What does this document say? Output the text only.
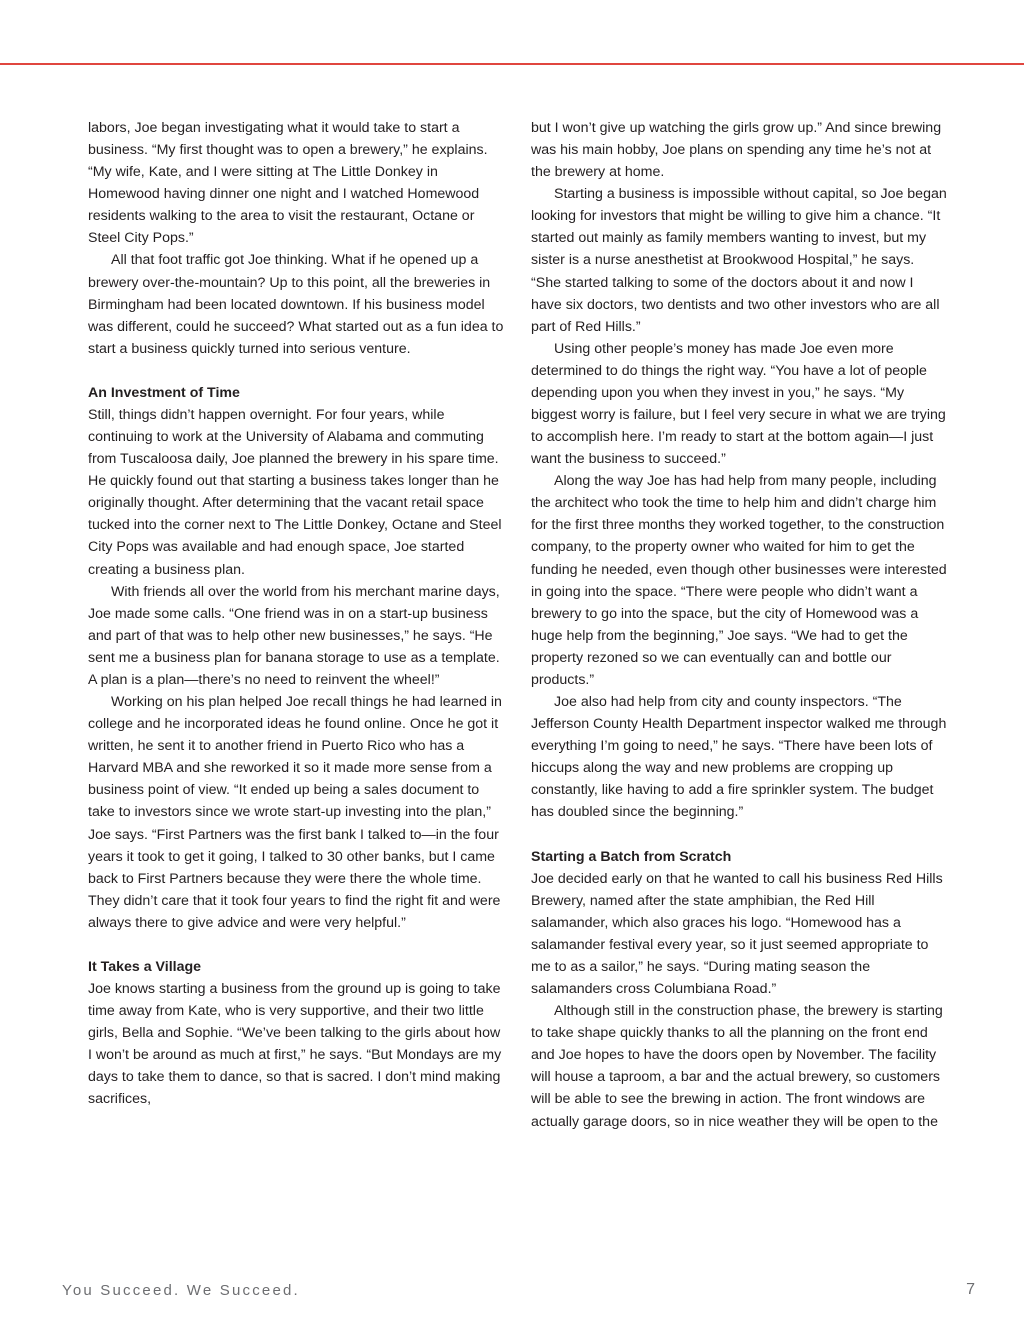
labors, Joe began investigating what it would take to start a business. “My first thought was to open a brewery,” he explains. “My wife, Kate, and I were sitting at The Little Donkey in Homewood having dinner one night and I watched Homewood residents walking to the area to visit the restaurant, Octane or Steel City Pops.”

All that foot traffic got Joe thinking. What if he opened up a brewery over-the-mountain? Up to this point, all the breweries in Birmingham had been located downtown. If his business model was different, could he succeed? What started out as a fun idea to start a business quickly turned into serious venture.

An Investment of Time

Still, things didn’t happen overnight. For four years, while continuing to work at the University of Alabama and commuting from Tuscaloosa daily, Joe planned the brewery in his spare time. He quickly found out that starting a business takes longer than he originally thought. After determining that the vacant retail space tucked into the corner next to The Little Donkey, Octane and Steel City Pops was available and had enough space, Joe started creating a business plan.

With friends all over the world from his merchant marine days, Joe made some calls. “One friend was in on a start-up business and part of that was to help other new businesses,” he says. “He sent me a business plan for banana storage to use as a template. A plan is a plan—there’s no need to reinvent the wheel!”

Working on his plan helped Joe recall things he had learned in college and he incorporated ideas he found online. Once he got it written, he sent it to another friend in Puerto Rico who has a Harvard MBA and she reworked it so it made more sense from a business point of view. “It ended up being a sales document to take to investors since we wrote start-up investing into the plan,” Joe says. “First Partners was the first bank I talked to—in the four years it took to get it going, I talked to 30 other banks, but I came back to First Partners because they were there the whole time. They didn’t care that it took four years to find the right fit and were always there to give advice and were very helpful.”

It Takes a Village

Joe knows starting a business from the ground up is going to take time away from Kate, who is very supportive, and their two little girls, Bella and Sophie. “We’ve been talking to the girls about how I won’t be around as much at first,” he says. “But Mondays are my days to take them to dance, so that is sacred. I don’t mind making sacrifices,

but I won’t give up watching the girls grow up.” And since brewing was his main hobby, Joe plans on spending any time he’s not at the brewery at home.

Starting a business is impossible without capital, so Joe began looking for investors that might be willing to give him a chance. “It started out mainly as family members wanting to invest, but my sister is a nurse anesthetist at Brookwood Hospital,” he says. “She started talking to some of the doctors about it and now I have six doctors, two dentists and two other investors who are all part of Red Hills.”

Using other people’s money has made Joe even more determined to do things the right way. “You have a lot of people depending upon you when they invest in you,” he says. “My biggest worry is failure, but I feel very secure in what we are trying to accomplish here. I’m ready to start at the bottom again—I just want the business to succeed.”

Along the way Joe has had help from many people, including the architect who took the time to help him and didn’t charge him for the first three months they worked together, to the construction company, to the property owner who waited for him to get the funding he needed, even though other businesses were interested in going into the space. “There were people who didn’t want a brewery to go into the space, but the city of Homewood was a huge help from the beginning,” Joe says. “We had to get the property rezoned so we can eventually can and bottle our products.”

Joe also had help from city and county inspectors. “The Jefferson County Health Department inspector walked me through everything I’m going to need,” he says. “There have been lots of hiccups along the way and new problems are cropping up constantly, like having to add a fire sprinkler system. The budget has doubled since the beginning.”

Starting a Batch from Scratch

Joe decided early on that he wanted to call his business Red Hills Brewery, named after the state amphibian, the Red Hill salamander, which also graces his logo. “Homewood has a salamander festival every year, so it just seemed appropriate to me to as a sailor,” he says. “During mating season the salamanders cross Columbiana Road.”

Although still in the construction phase, the brewery is starting to take shape quickly thanks to all the planning on the front end and Joe hopes to have the doors open by November. The facility will house a taproom, a bar and the actual brewery, so customers will be able to see the brewing in action. The front windows are actually garage doors, so in nice weather they will be open to the

You Succeed. We Succeed.	7
